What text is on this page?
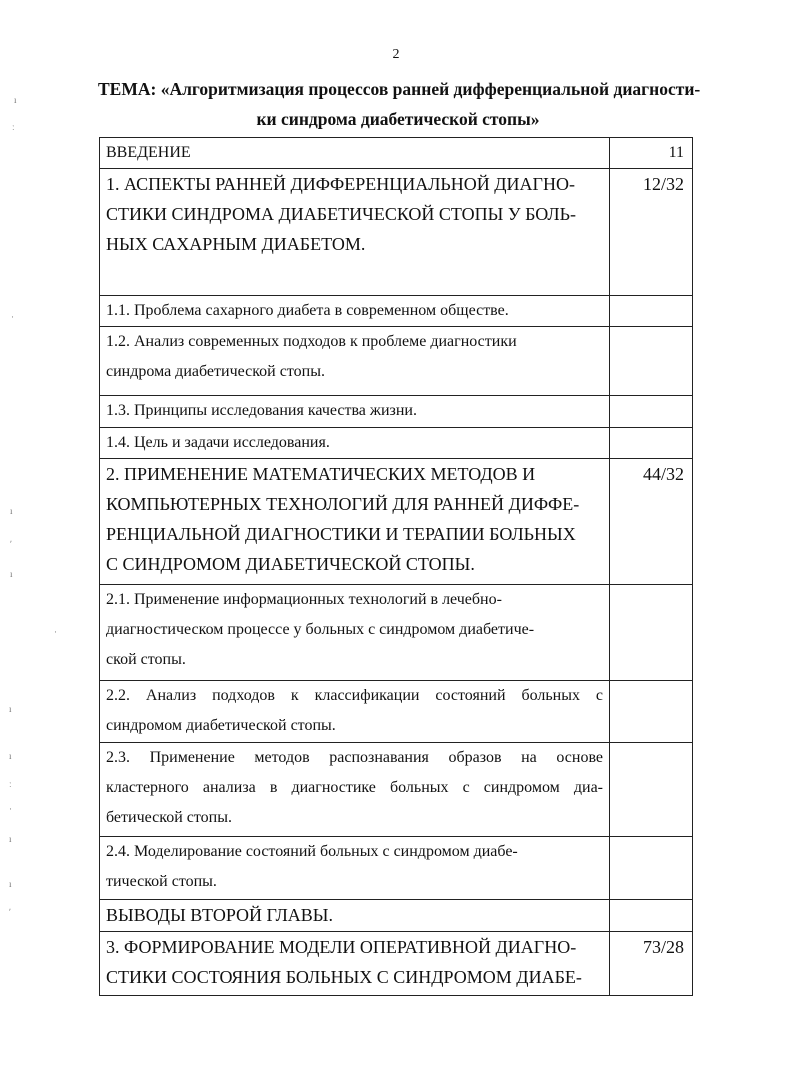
2
ТЕМА: «Алгоритмизация процессов ранней дифференциальной диагности-
ки синдрома диабетической стопы»
ВВЕДЕНИЕ	11

1. АСПЕКТЫ РАННЕЙ ДИФФЕРЕНЦИАЛЬНОЙ ДИАГНО-
СТИКИ СИНДРОМА ДИАБЕТИЧЕСКОЙ СТОПЫ У БОЛЬ-
НЫХ САХАРНЫМ ДИАБЕТОМ.	12/32

1.1. Проблема сахарного диабета в современном обществе.	

1.2. Анализ современных подходов к проблеме диагностики
синдрома диабетической стопы.	

1.3. Принципы исследования качества жизни.	

1.4. Цель и задачи исследования.	

2. ПРИМЕНЕНИЕ МАТЕМАТИЧЕСКИХ МЕТОДОВ И
КОМПЬЮТЕРНЫХ ТЕХНОЛОГИЙ ДЛЯ РАННЕЙ ДИФФЕ-
РЕНЦИАЛЬНОЙ ДИАГНОСТИКИ И ТЕРАПИИ БОЛЬНЫХ
С СИНДРОМОМ ДИАБЕТИЧЕСКОЙ СТОПЫ.	44/32

2.1. Применение информационных технологий в лечебно-
диагностическом процессе у больных с синдромом диабетиче-
ской стопы.	

2.2. Анализ подходов к классификации состояний больных с
синдромом диабетической стопы.	

2.3. Применение методов распознавания образов на основе
кластерного анализа в диагностике больных с синдромом диа-
бетической стопы.	

2.4. Моделирование состояний больных с синдромом диабе-
тической стопы.	

ВЫВОДЫ ВТОРОЙ ГЛАВЫ.	

3. ФОРМИРОВАНИЕ МОДЕЛИ ОПЕРАТИВНОЙ ДИАГНО-
СТИКИ СОСТОЯНИЯ БОЛЬНЫХ С СИНДРОМОМ ДИАБЕ-	73/28
ı
ː
·
ı
ʹ
ı
·
ı
ı
ː
·
ı
ı
ʹ
